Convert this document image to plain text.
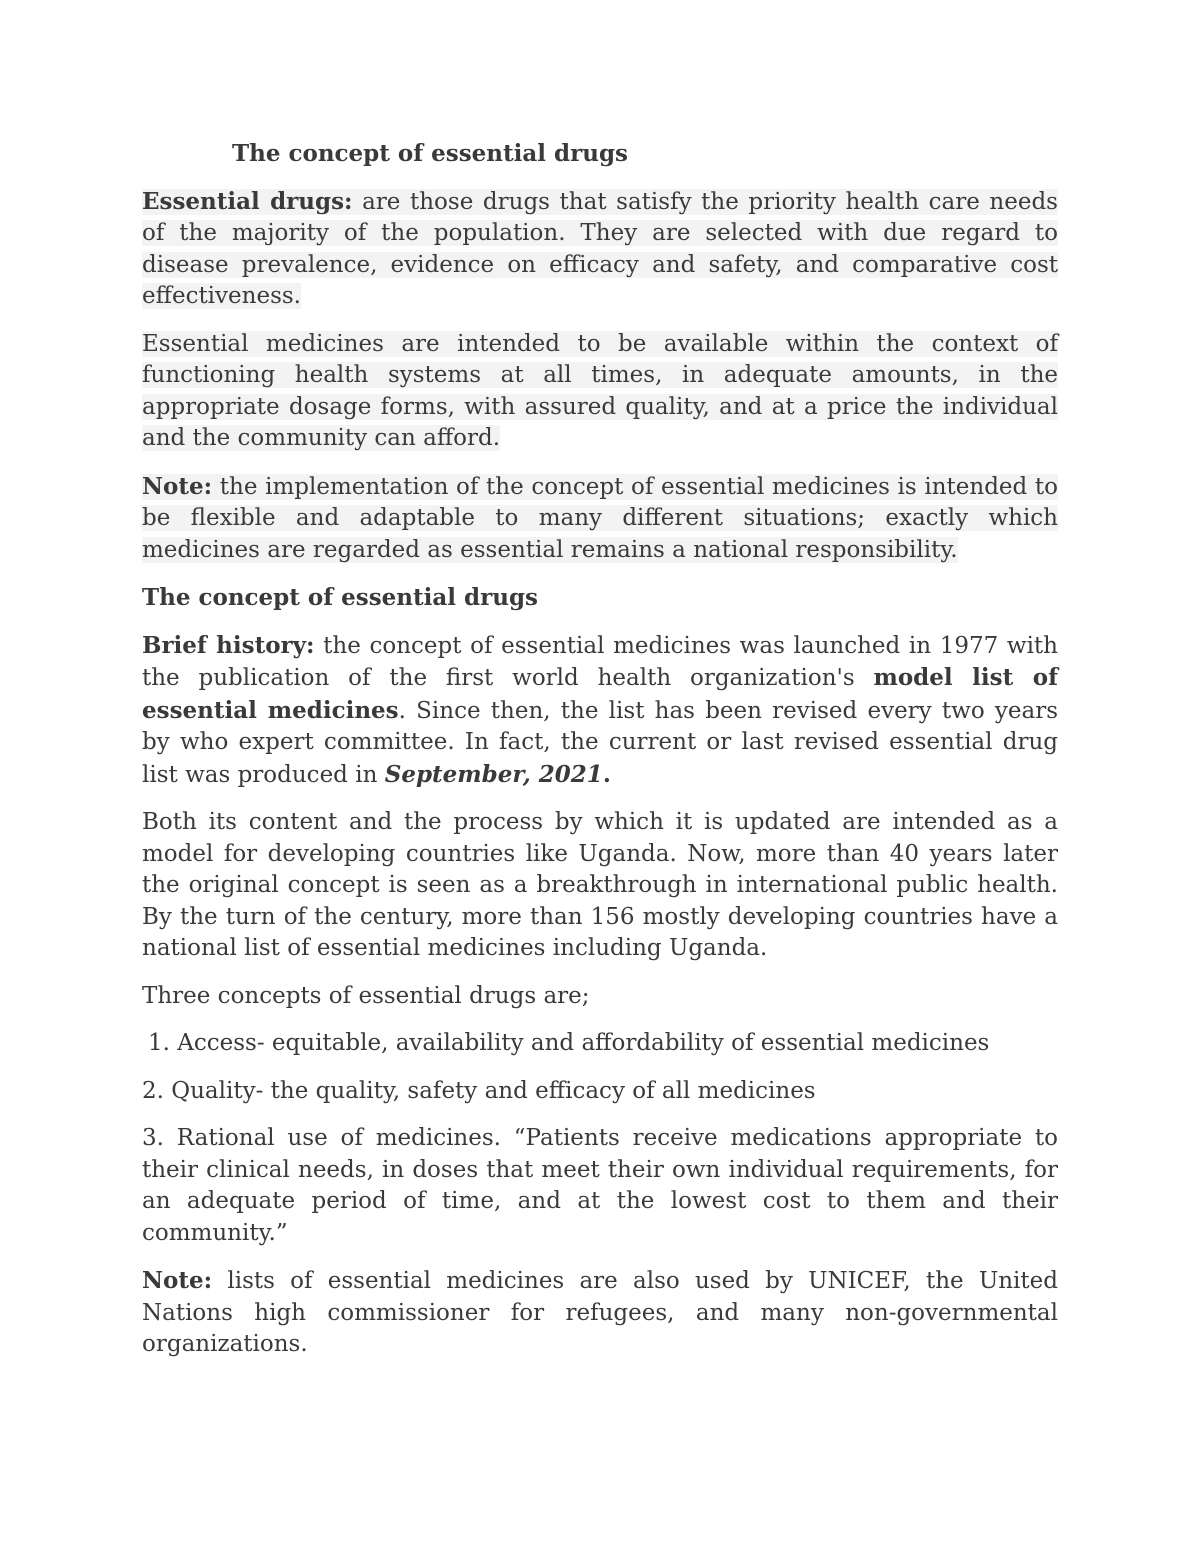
The concept of essential drugs

Essential drugs: are those drugs that satisfy the priority health care needs of the majority of the population. They are selected with due regard to disease prevalence, evidence on efficacy and safety, and comparative cost effectiveness.

Essential medicines are intended to be available within the context of functioning health systems at all times, in adequate amounts, in the appropriate dosage forms, with assured quality, and at a price the individual and the community can afford.

Note: the implementation of the concept of essential medicines is intended to be flexible and adaptable to many different situations; exactly which medicines are regarded as essential remains a national responsibility.

The concept of essential drugs

Brief history: the concept of essential medicines was launched in 1977 with the publication of the first world health organization's model list of essential medicines. Since then, the list has been revised every two years by who expert committee. In fact, the current or last revised essential drug list was produced in September, 2021.

Both its content and the process by which it is updated are intended as a model for developing countries like Uganda. Now, more than 40 years later the original concept is seen as a breakthrough in international public health. By the turn of the century, more than 156 mostly developing countries have a national list of essential medicines including Uganda.

Three concepts of essential drugs are;

1. Access- equitable, availability and affordability of essential medicines

2. Quality- the quality, safety and efficacy of all medicines

3. Rational use of medicines. “Patients receive medications appropriate to their clinical needs, in doses that meet their own individual requirements, for an adequate period of time, and at the lowest cost to them and their community.”

Note: lists of essential medicines are also used by UNICEF, the United Nations high commissioner for refugees, and many non-governmental organizations.
